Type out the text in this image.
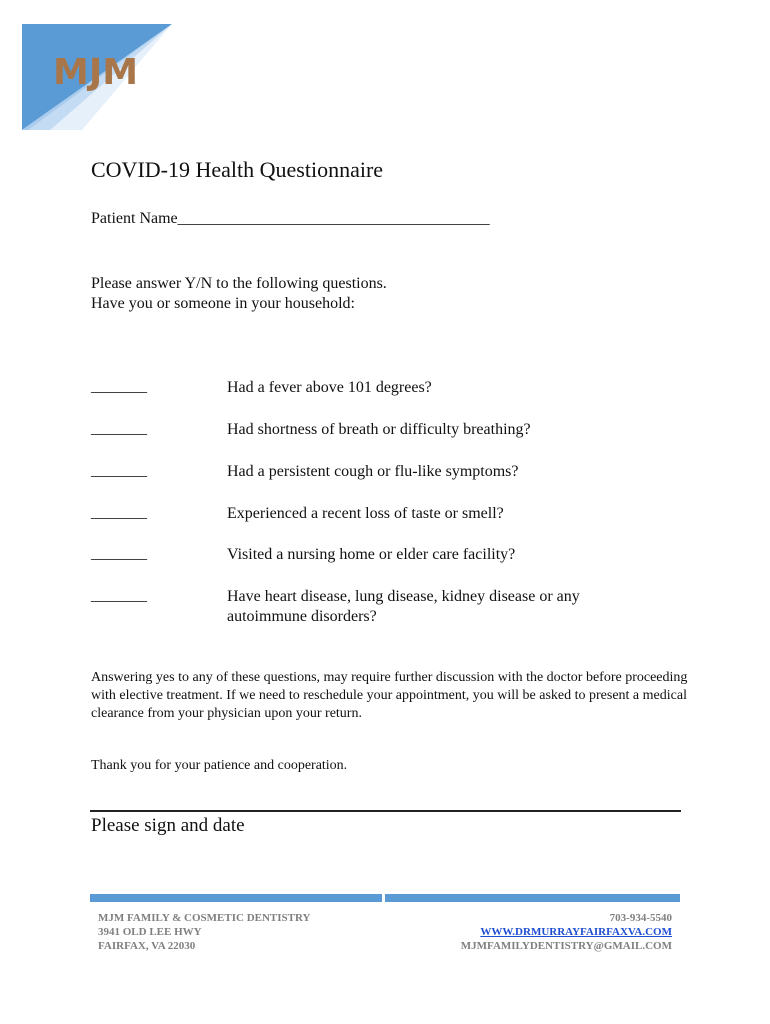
MJM
COVID-19 Health Questionnaire
Patient Name_______________________________________
Please answer Y/N to the following questions.
Have you or someone in your household:
_______	Had a fever above 101 degrees?
_______	Had shortness of breath or difficulty breathing?
_______	Had a persistent cough or flu-like symptoms?
_______	Experienced a recent loss of taste or smell?
_______	Visited a nursing home or elder care facility?
_______	Have heart disease, lung disease, kidney disease or any autoimmune disorders?
Answering yes to any of these questions, may require further discussion with the doctor before proceeding with elective treatment. If we need to reschedule your appointment, you will be asked to present a medical clearance from your physician upon your return.
Thank you for your patience and cooperation.
Please sign and date
MJM FAMILY & COSMETIC DENTISTRY
3941 OLD LEE HWY
FAIRFAX, VA 22030
703-934-5540
WWW.DRMURRAYFAIRFAXVA.COM
MJMFAMILYDENTISTRY@GMAIL.COM
